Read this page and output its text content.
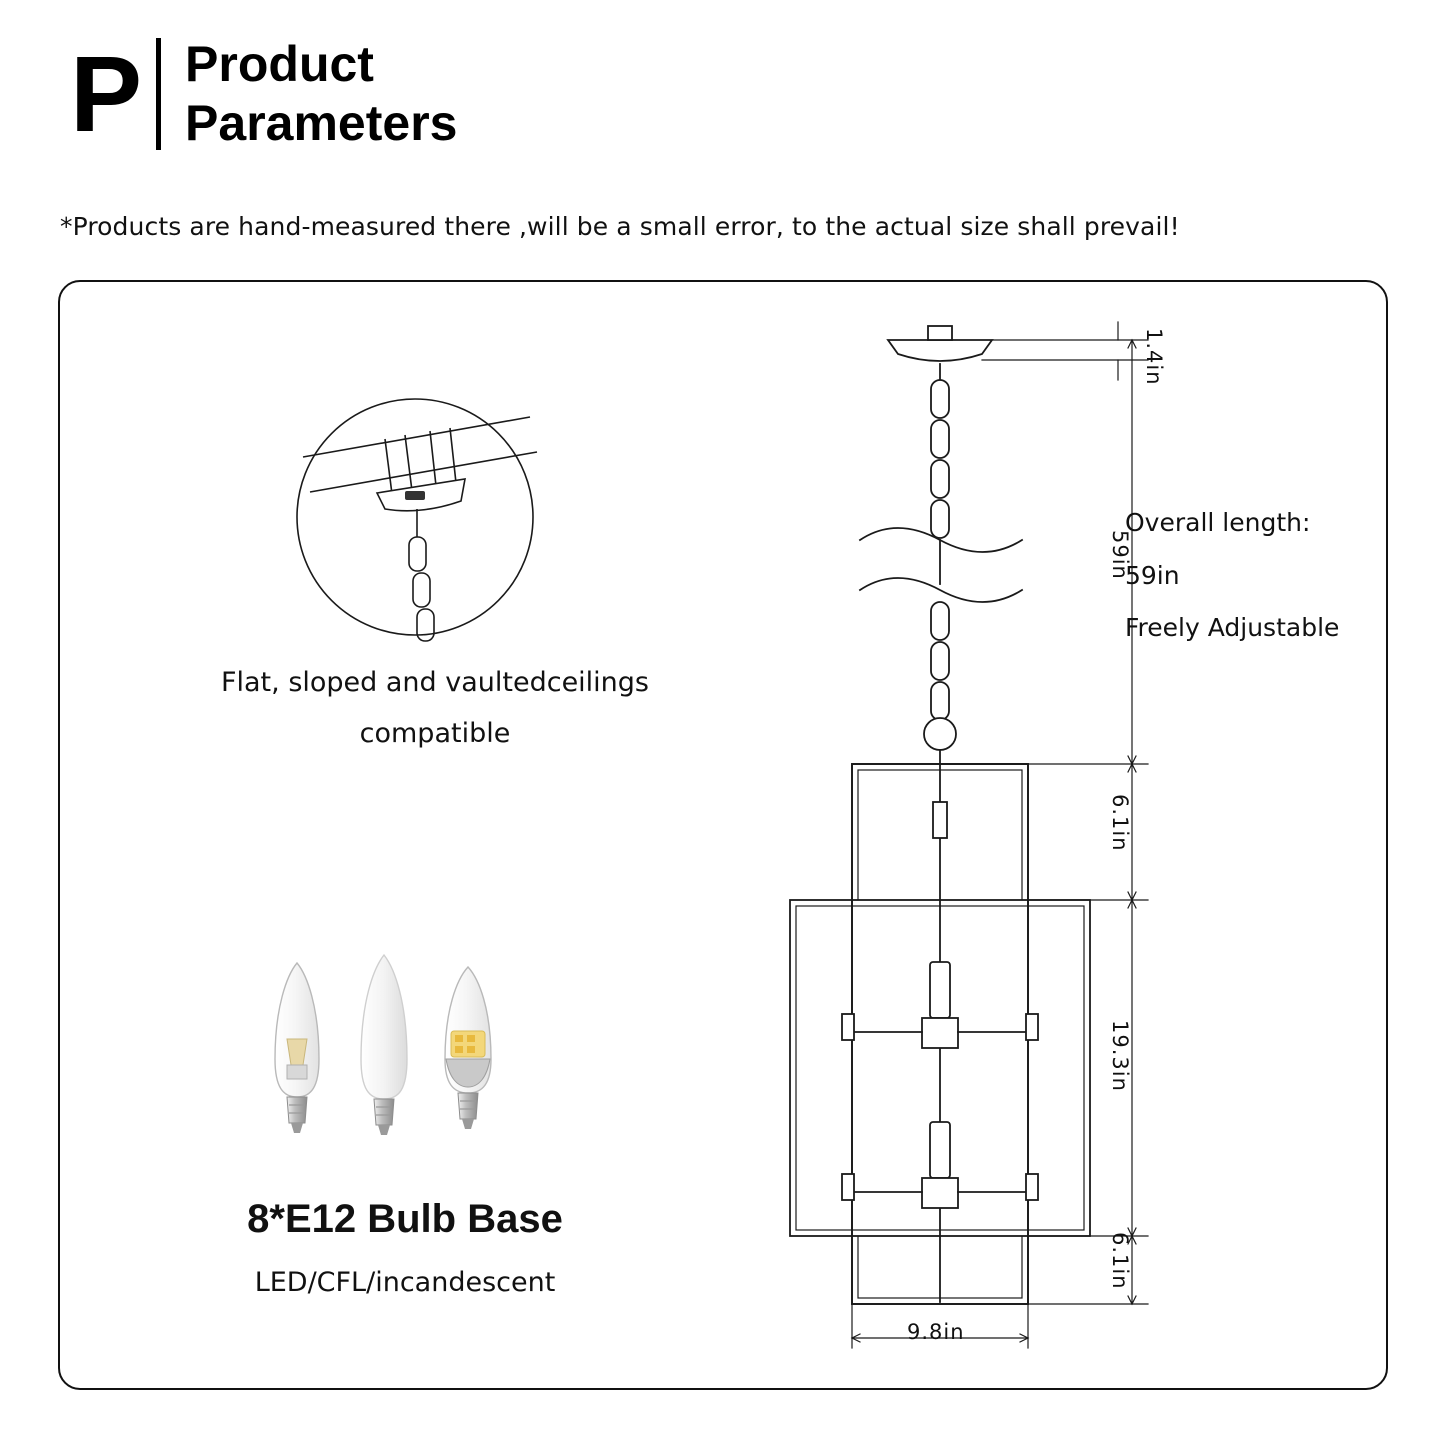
P Product
Parameters
*Products are hand-measured there ,will be a small error, to the actual size shall prevail!
Flat, sloped and vaultedceilings
compatible
8*E12 Bulb Base
LED/CFL/incandescent
1.4in
59in
6.1in
19.3in
6.1in
9.8in
Overall length:
59in
Freely Adjustable
